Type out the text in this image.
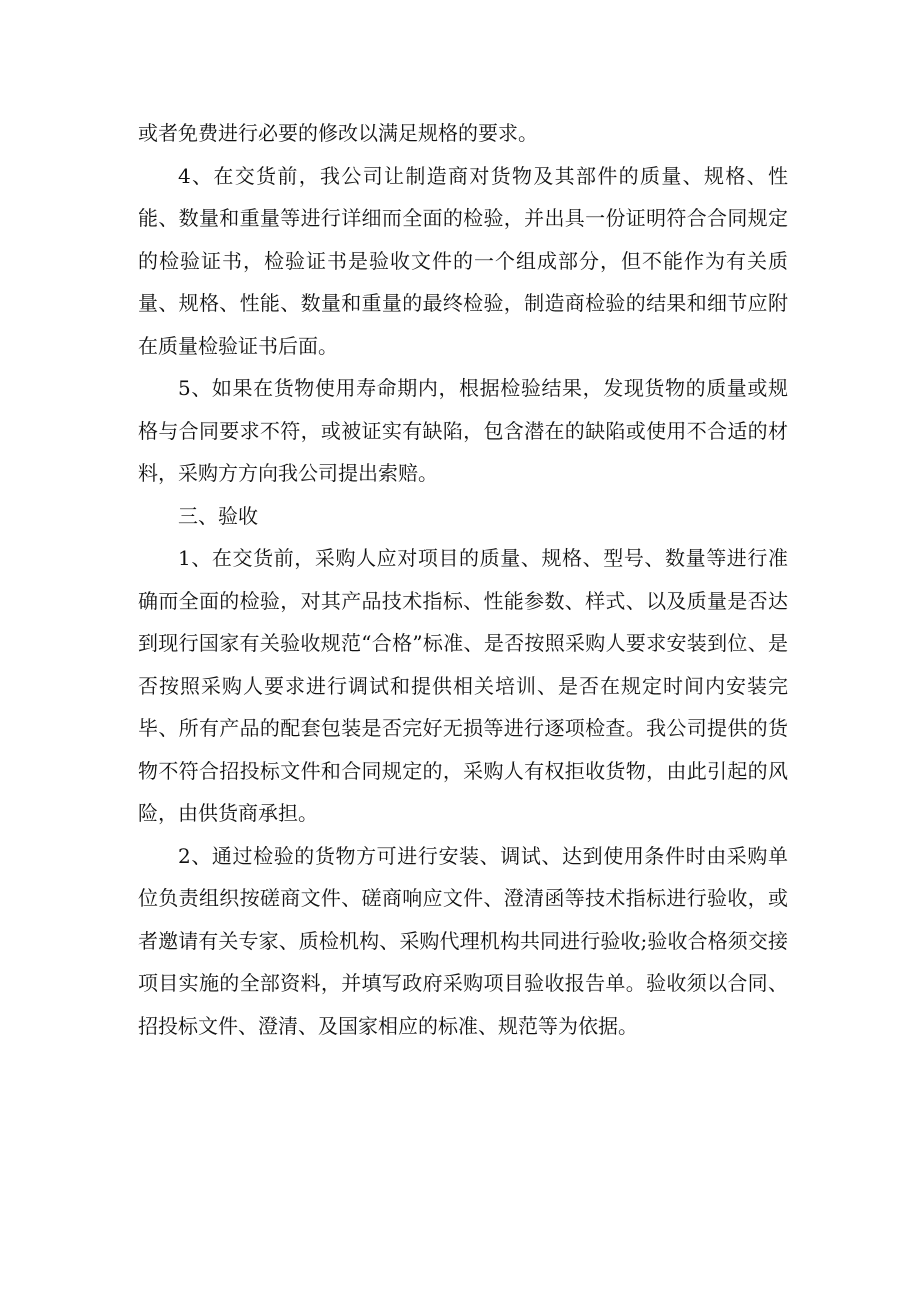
或者免费进行必要的修改以满足规格的要求。

4、在交货前，我公司让制造商对货物及其部件的质量、规格、性能、数量和重量等进行详细而全面的检验，并出具一份证明符合合同规定的检验证书，检验证书是验收文件的一个组成部分，但不能作为有关质量、规格、性能、数量和重量的最终检验，制造商检验的结果和细节应附在质量检验证书后面。

5、如果在货物使用寿命期内，根据检验结果，发现货物的质量或规格与合同要求不符，或被证实有缺陷，包含潜在的缺陷或使用不合适的材料，采购方方向我公司提出索赔。

三、验收

1、在交货前，采购人应对项目的质量、规格、型号、数量等进行准确而全面的检验，对其产品技术指标、性能参数、样式、以及质量是否达到现行国家有关验收规范“合格”标准、是否按照采购人要求安装到位、是否按照采购人要求进行调试和提供相关培训、是否在规定时间内安装完毕、所有产品的配套包装是否完好无损等进行逐项检查。我公司提供的货物不符合招投标文件和合同规定的，采购人有权拒收货物，由此引起的风险，由供货商承担。

2、通过检验的货物方可进行安装、调试、达到使用条件时由采购单位负责组织按磋商文件、磋商响应文件、澄清函等技术指标进行验收，或者邀请有关专家、质检机构、采购代理机构共同进行验收;验收合格须交接项目实施的全部资料，并填写政府采购项目验收报告单。验收须以合同、招投标文件、澄清、及国家相应的标准、规范等为依据。
